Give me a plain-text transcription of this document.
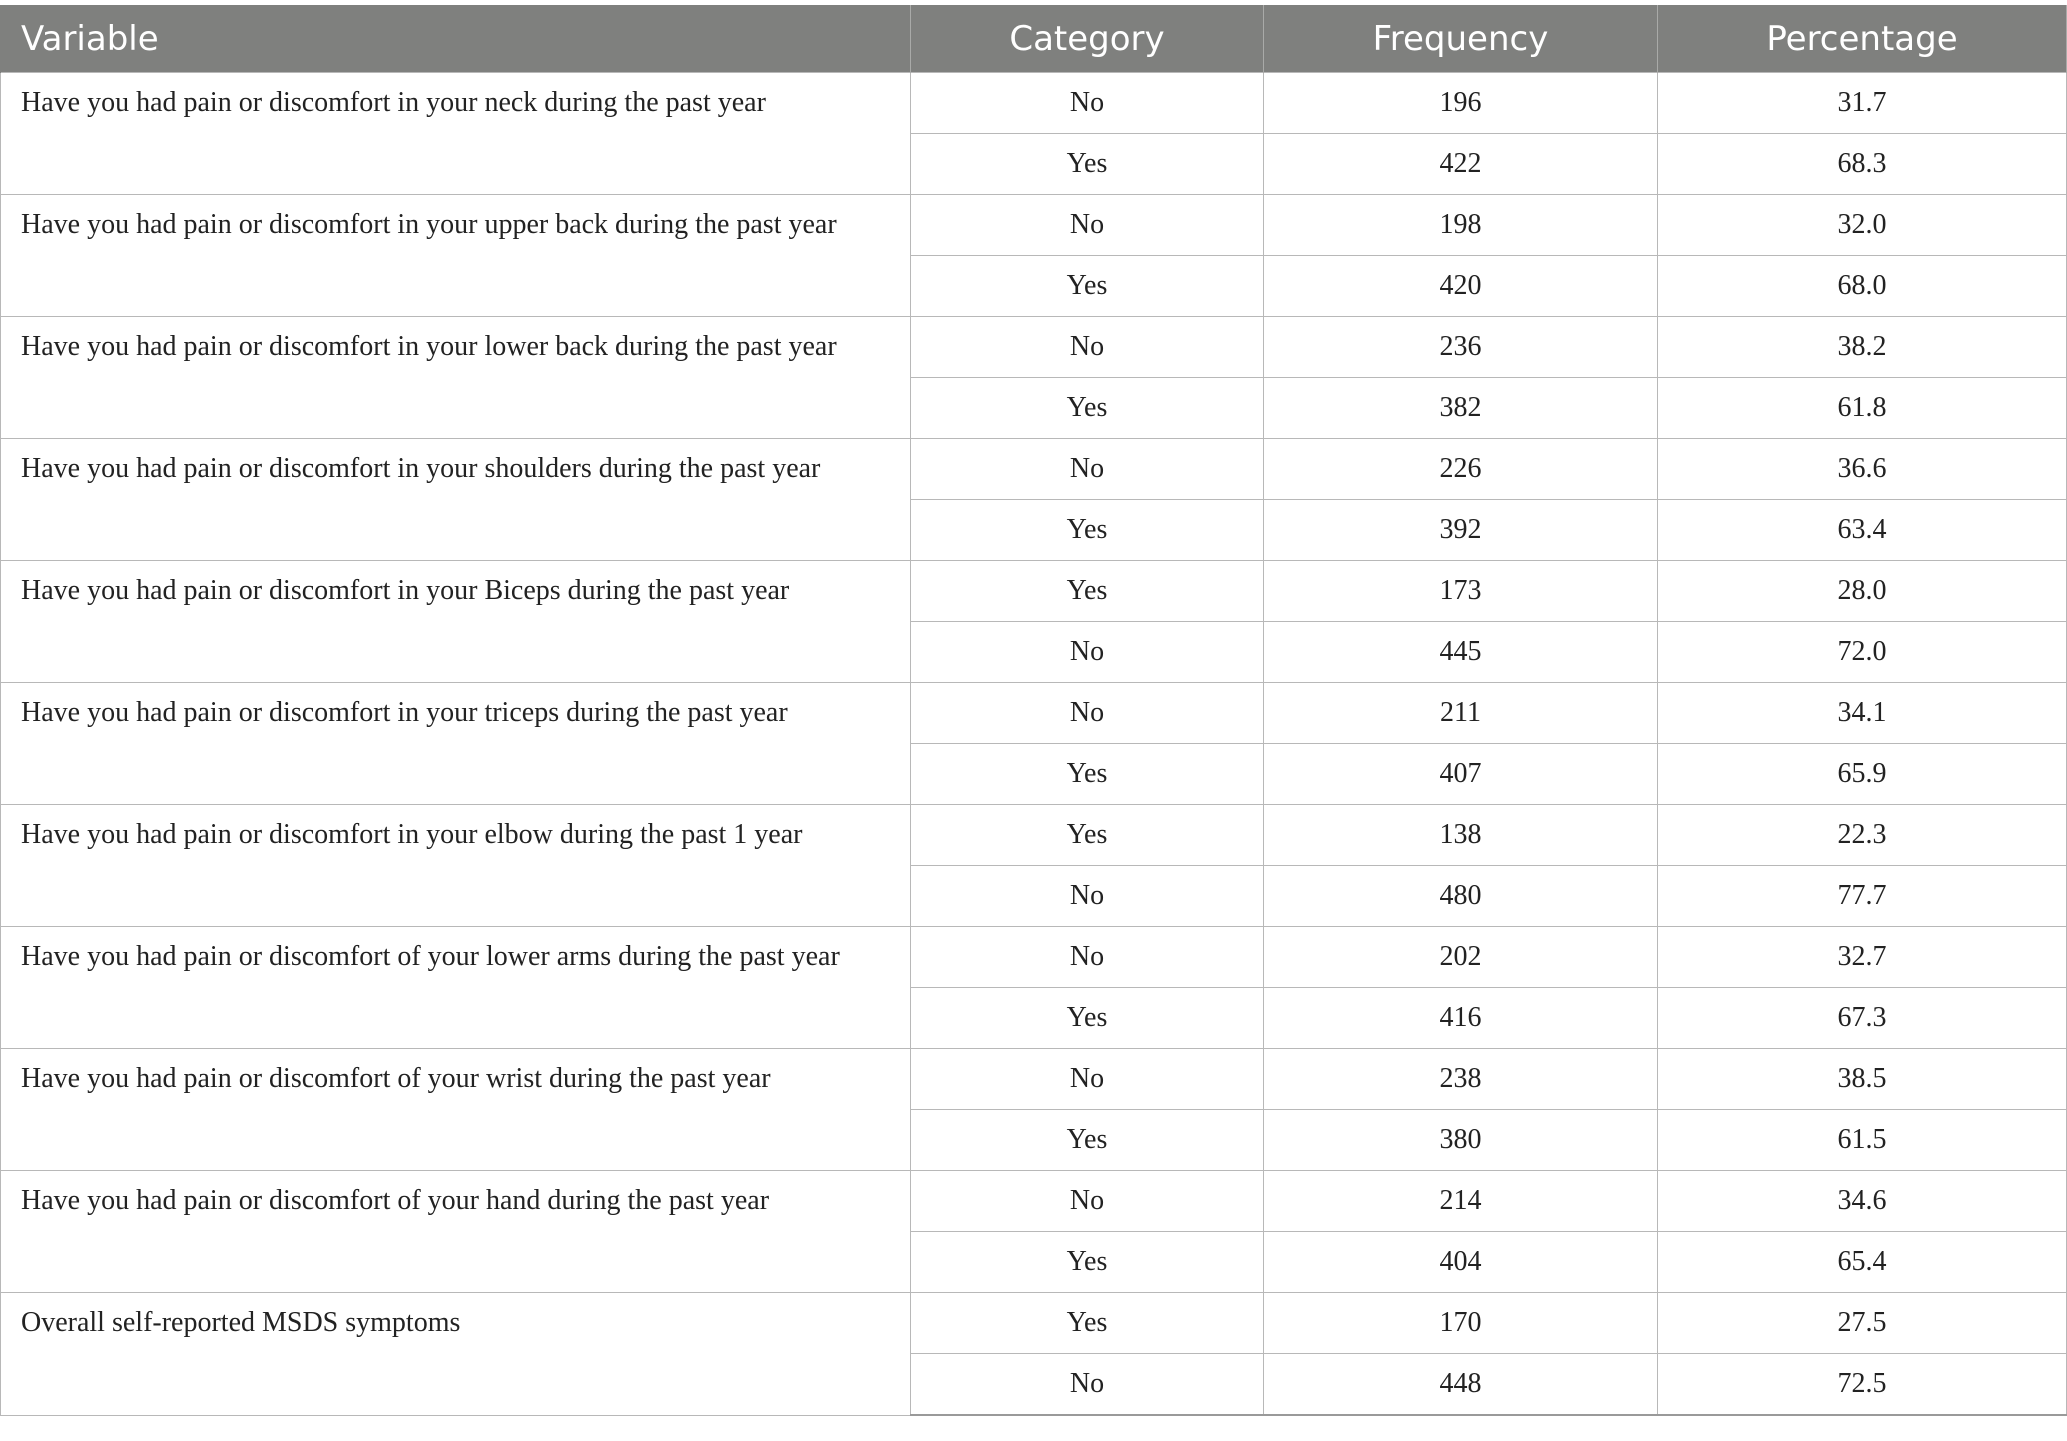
Variable	Category	Frequency	Percentage
Have you had pain or discomfort in your neck during the past year	No	196	31.7
	Yes	422	68.3
Have you had pain or discomfort in your upper back during the past year	No	198	32.0
	Yes	420	68.0
Have you had pain or discomfort in your lower back during the past year	No	236	38.2
	Yes	382	61.8
Have you had pain or discomfort in your shoulders during the past year	No	226	36.6
	Yes	392	63.4
Have you had pain or discomfort in your Biceps during the past year	Yes	173	28.0
	No	445	72.0
Have you had pain or discomfort in your triceps during the past year	No	211	34.1
	Yes	407	65.9
Have you had pain or discomfort in your elbow during the past 1 year	Yes	138	22.3
	No	480	77.7
Have you had pain or discomfort of your lower arms during the past year	No	202	32.7
	Yes	416	67.3
Have you had pain or discomfort of your wrist during the past year	No	238	38.5
	Yes	380	61.5
Have you had pain or discomfort of your hand during the past year	No	214	34.6
	Yes	404	65.4
Overall self-reported MSDS symptoms	Yes	170	27.5
	No	448	72.5
